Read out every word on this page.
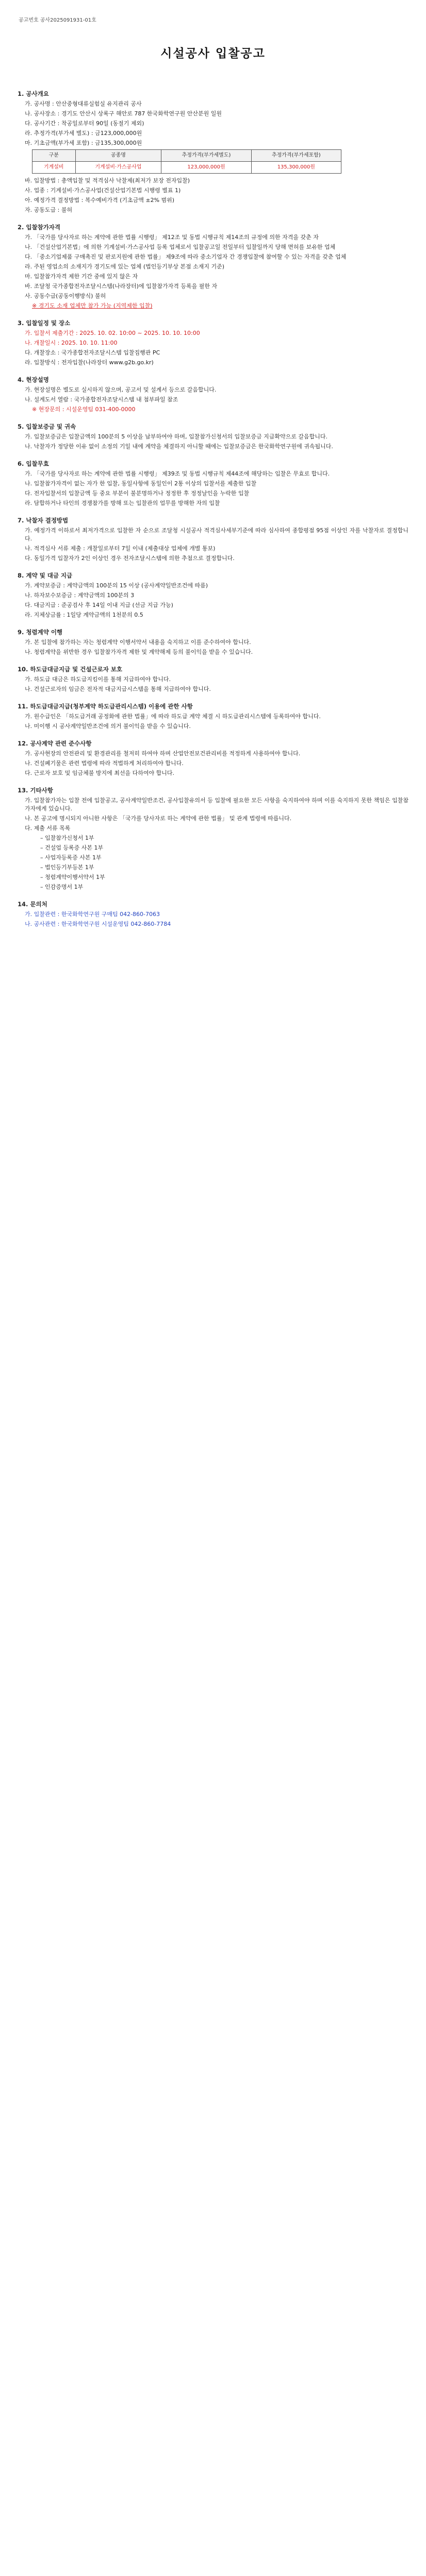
공고번호 공사2025091931-01호
시설공사 입찰공고
1. 공사개요
가. 공사명 : 안산중형대류실험실 유지관리 공사
나. 공사장소 : 경기도 안산시 상록구 해안로 787 한국화학연구원 안산분원 일원
다. 공사기간 : 착공일로부터 90일 (동절기 제외)
라. 추정가격(부가세 별도) : 금123,000,000원
마. 기초금액(부가세 포함) : 금135,300,000원
구분	공종명	추정가격(부가세별도)	추정가격(부가세포함)
기계설비	기계설비·가스공사업	123,000,000원	135,300,000원
바. 입찰방법 : 총액입찰 및 적격심사 낙찰제(최저가 보장 전자입찰)
사. 업종 : 기계설비·가스공사업(건설산업기본법 시행령 별표 1)
아. 예정가격 결정방법 : 복수예비가격 (기초금액 ±2% 범위)
자. 공동도급 : 불허
2. 입찰참가자격
가. 「국가를 당사자로 하는 계약에 관한 법률 시행령」 제12조 및 동법 시행규칙 제14조의 규정에 의한 자격을 갖춘 자
나. 「건설산업기본법」에 의한 기계설비·가스공사업 등록 업체로서 입찰공고일 전일부터 입찰일까지 당해 면허를 보유한 업체
다. 「중소기업제품 구매촉진 및 판로지원에 관한 법률」 제9조에 따라 중소기업자 간 경쟁입찰에 참여할 수 있는 자격을 갖춘 업체
라. 주된 영업소의 소재지가 경기도에 있는 업체 (법인등기부상 본점 소재지 기준)
마. 입찰참가자격 제한 기간 중에 있지 않은 자
바. 조달청 국가종합전자조달시스템(나라장터)에 입찰참가자격 등록을 필한 자
사. 공동수급(공동이행방식) 불허
※ 경기도 소재 업체만 참가 가능 (지역제한 입찰)
3. 입찰일정 및 장소
가. 입찰서 제출기간 : 2025. 10. 02. 10:00 ~ 2025. 10. 10. 10:00
나. 개찰일시 : 2025. 10. 10. 11:00
다. 개찰장소 : 국가종합전자조달시스템 입찰집행관 PC
라. 입찰방식 : 전자입찰(나라장터 www.g2b.go.kr)
4. 현장설명
가. 현장설명은 별도로 실시하지 않으며, 공고서 및 설계서 등으로 갈음합니다.
나. 설계도서 열람 : 국가종합전자조달시스템 내 첨부파일 참조
※ 현장문의 : 시설운영팀 031-400-0000
5. 입찰보증금 및 귀속
가. 입찰보증금은 입찰금액의 100분의 5 이상을 납부하여야 하며, 입찰참가신청서의 입찰보증금 지급확약으로 갈음합니다.
나. 낙찰자가 정당한 이유 없이 소정의 기일 내에 계약을 체결하지 아니할 때에는 입찰보증금은 한국화학연구원에 귀속됩니다.
6. 입찰무효
가. 「국가를 당사자로 하는 계약에 관한 법률 시행령」 제39조 및 동법 시행규칙 제44조에 해당하는 입찰은 무효로 합니다.
나. 입찰참가자격이 없는 자가 한 입찰, 동일사항에 동일인이 2통 이상의 입찰서를 제출한 입찰
다. 전자입찰서의 입찰금액 등 중요 부분이 불분명하거나 정정한 후 정정날인을 누락한 입찰
라. 담합하거나 타인의 경쟁참가를 방해 또는 입찰관의 업무를 방해한 자의 입찰
7. 낙찰자 결정방법
가. 예정가격 이하로서 최저가격으로 입찰한 자 순으로 조달청 시설공사 적격심사세부기준에 따라 심사하여 종합평점 95점 이상인 자를 낙찰자로 결정합니다.
나. 적격심사 서류 제출 : 개찰일로부터 7일 이내 (제출대상 업체에 개별 통보)
다. 동일가격 입찰자가 2인 이상인 경우 전자조달시스템에 의한 추첨으로 결정합니다.
8. 계약 및 대금 지급
가. 계약보증금 : 계약금액의 100분의 15 이상 (공사계약일반조건에 따름)
나. 하자보수보증금 : 계약금액의 100분의 3
다. 대금지급 : 준공검사 후 14일 이내 지급 (선금 지급 가능)
라. 지체상금률 : 1일당 계약금액의 1천분의 0.5
9. 청렴계약 이행
가. 본 입찰에 참가하는 자는 청렴계약 이행서약서 내용을 숙지하고 이를 준수하여야 합니다.
나. 청렴계약을 위반한 경우 입찰참가자격 제한 및 계약해제 등의 불이익을 받을 수 있습니다.
10. 하도급대금지급 및 건설근로자 보호
가. 하도급 대금은 하도급지킴이를 통해 지급하여야 합니다.
나. 건설근로자의 임금은 전자적 대금지급시스템을 통해 지급하여야 합니다.
11. 하도급대금지급(청부계약 하도급관리시스템) 이용에 관한 사항
가. 원수급인은 「하도급거래 공정화에 관한 법률」에 따라 하도급 계약 체결 시 하도급관리시스템에 등록하여야 합니다.
나. 미이행 시 공사계약일반조건에 의거 불이익을 받을 수 있습니다.
12. 공사계약 관련 준수사항
가. 공사현장의 안전관리 및 환경관리를 철저히 하여야 하며 산업안전보건관리비를 적정하게 사용하여야 합니다.
나. 건설폐기물은 관련 법령에 따라 적법하게 처리하여야 합니다.
다. 근로자 보호 및 임금체불 방지에 최선을 다하여야 합니다.
13. 기타사항
가. 입찰참가자는 입찰 전에 입찰공고, 공사계약일반조건, 공사입찰유의서 등 입찰에 필요한 모든 사항을 숙지하여야 하며 이를 숙지하지 못한 책임은 입찰참가자에게 있습니다.
나. 본 공고에 명시되지 아니한 사항은 「국가를 당사자로 하는 계약에 관한 법률」 및 관계 법령에 따릅니다.
다. 제출 서류 목록
– 입찰참가신청서 1부
– 건설업 등록증 사본 1부
– 사업자등록증 사본 1부
– 법인등기부등본 1부
– 청렴계약이행서약서 1부
– 인감증명서 1부
14. 문의처
가. 입찰관련 : 한국화학연구원 구매팀 042-860-7063
나. 공사관련 : 한국화학연구원 시설운영팀 042-860-7784
